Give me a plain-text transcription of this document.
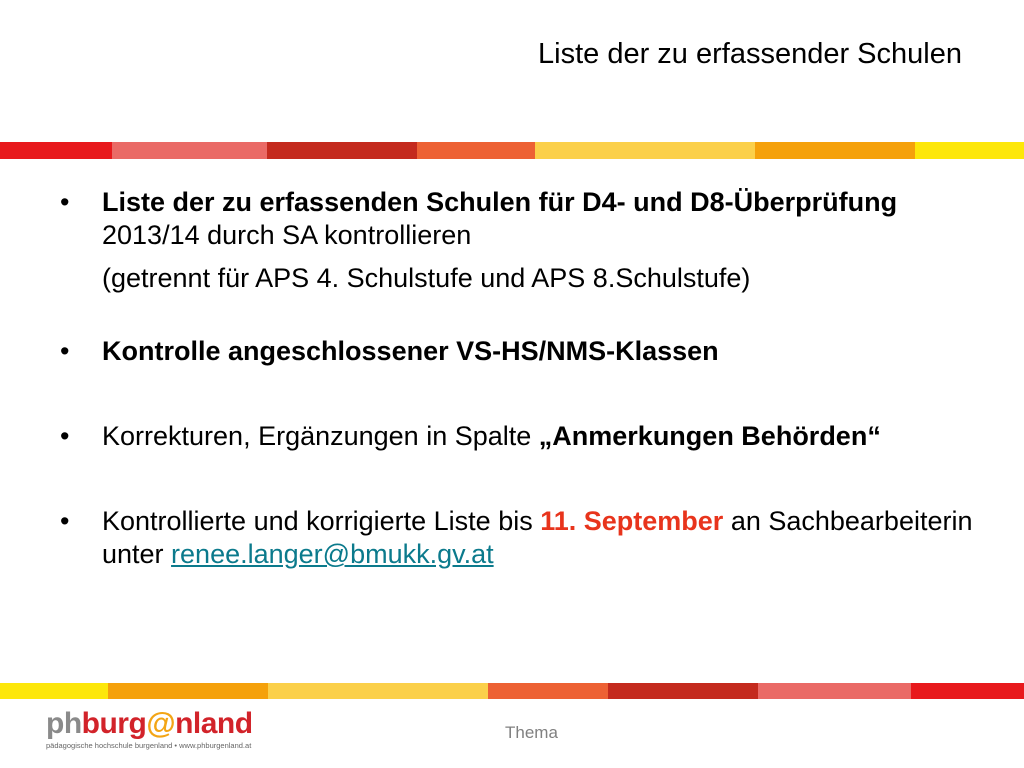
Liste der zu erfassender Schulen
• Liste der zu erfassenden Schulen für D4- und D8-Überprüfung 2013/14 durch SA kontrollieren
(getrennt für APS 4. Schulstufe und APS 8.Schulstufe)
• Kontrolle angeschlossener VS-HS/NMS-Klassen
• Korrekturen, Ergänzungen in Spalte „Anmerkungen Behörden“
• Kontrollierte und korrigierte Liste bis 11. September an Sachbearbeiterin unter renee.langer@bmukk.gv.at
phburg@nland
pädagogische hochschule burgenland • www.phburgenland.at
Thema
